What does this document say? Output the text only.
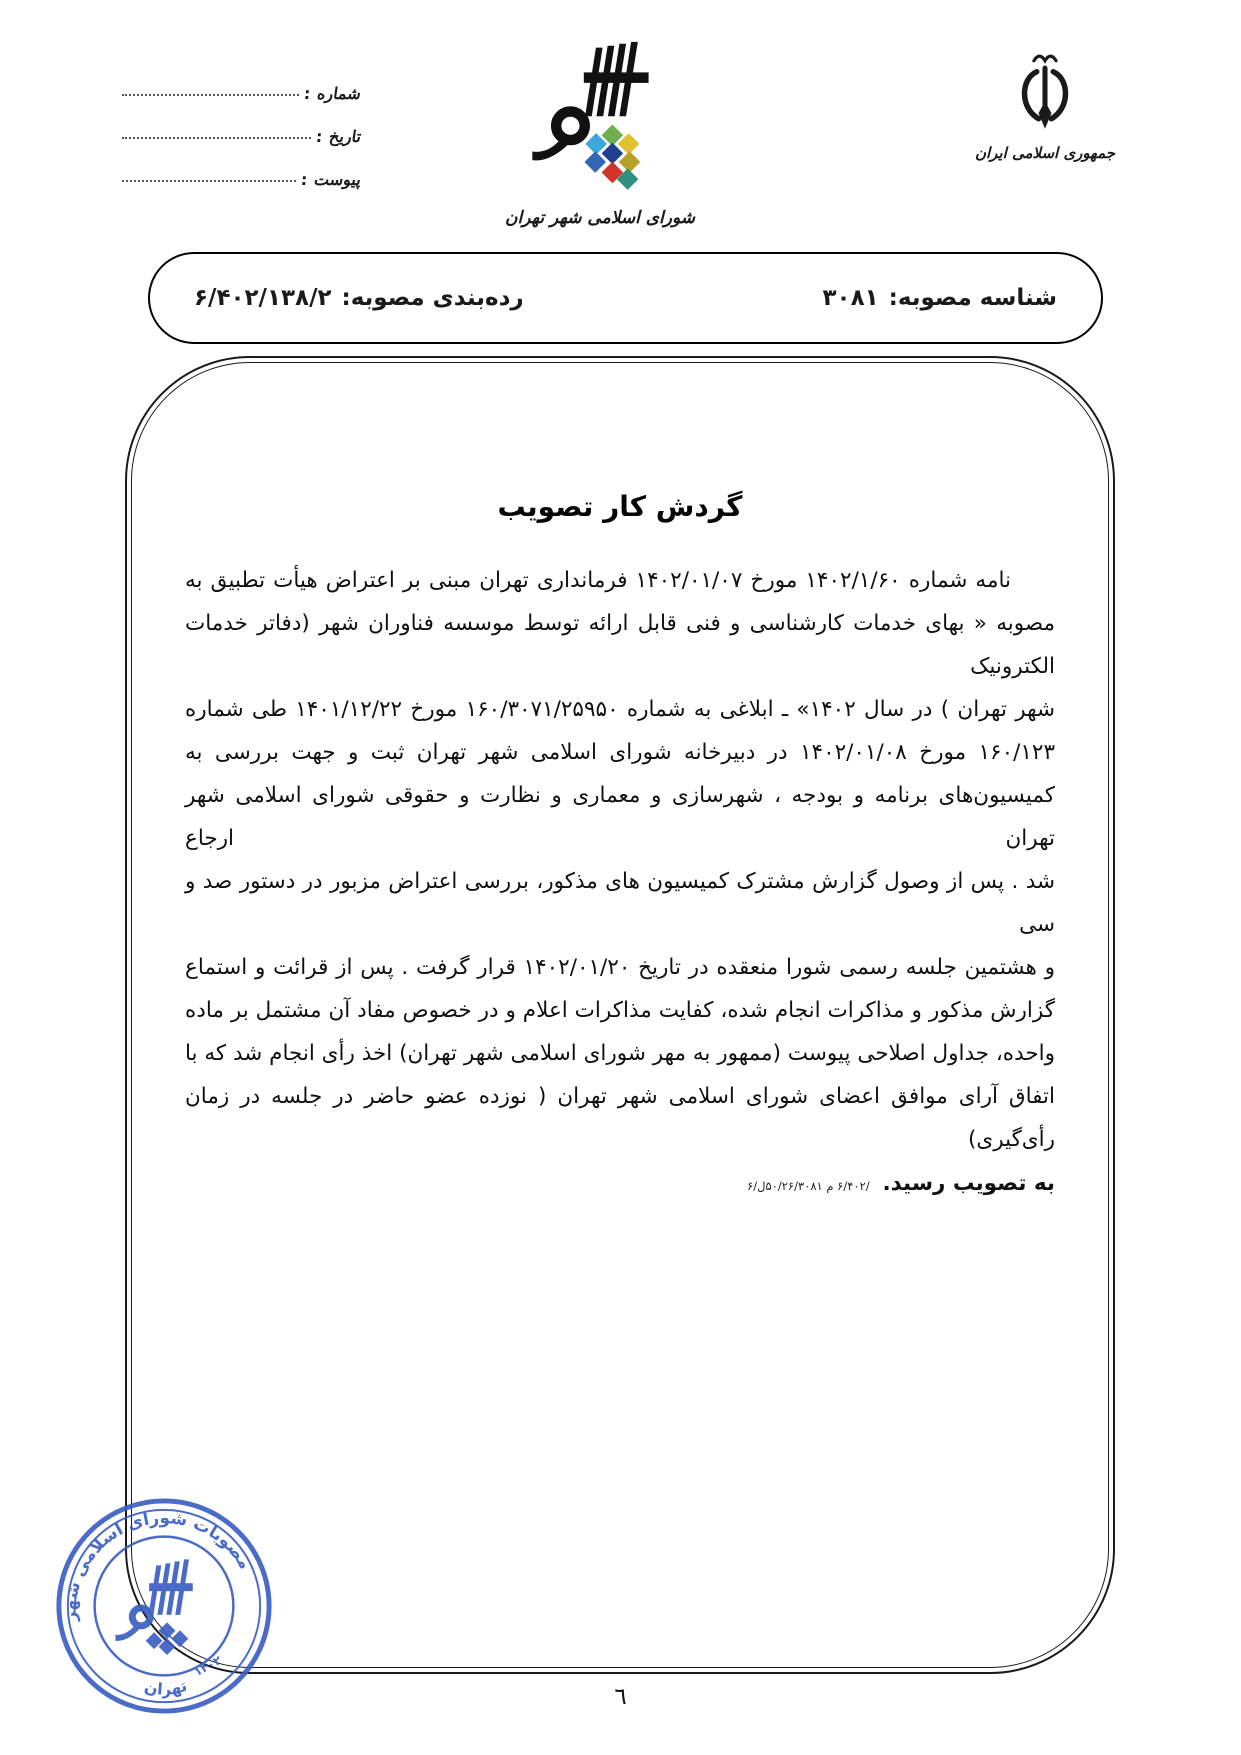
شماره :
تاریخ :
پیوست :
شورای اسلامی شهر تهران
جمهوری اسلامی ایران
شناسه مصوبه:
۳۰۸۱
رده‌بندی مصوبه:
۶/۴۰۲/۱۳۸/۲
گردش کار تصویب
نامه شماره ۱۴۰۲/۱/۶۰ مورخ ۱۴۰۲/۰۱/۰۷ فرمانداری تهران مبنی بر اعتراض هیأت تطبیق به
مصوبه « بهای خدمات کارشناسی و فنی قابل ارائه توسط موسسه فناوران شهر (دفاتر خدمات الکترونیک
شهر تهران ) در سال ۱۴۰۲» ـ ابلاغی به شماره ۱۶۰/۳۰۷۱/۲۵۹۵۰ مورخ ۱۴۰۱/۱۲/۲۲ طی شماره
۱۶۰/۱۲۳ مورخ ۱۴۰۲/۰۱/۰۸ در دبیرخانه شورای اسلامی شهر تهران ثبت و جهت بررسی به
کمیسیون‌های برنامه و بودجه ، شهرسازی و معماری و نظارت و حقوقی شورای اسلامی شهر تهران ارجاع
شد . پس از وصول گزارش مشترک کمیسیون های مذکور، بررسی اعتراض مزبور در دستور صد و سی
و هشتمین جلسه رسمی شورا منعقده در تاریخ ۱۴۰۲/۰۱/۲۰ قرار گرفت . پس از قرائت و استماع
گزارش مذکور و مذاکرات انجام شده، کفایت مذاکرات اعلام و در خصوص مفاد آن مشتمل بر ماده
واحده، جداول اصلاحی پیوست (ممهور به مهر شورای اسلامی شهر تهران) اخذ رأی انجام شد که با
اتفاق آرای موافق اعضای شورای اسلامی شهر تهران ( نوزده عضو حاضر در جلسه در زمان رأی‌گیری)
به تصویب رسید. /۶/۴۰۲ م ۵۰/۲۶/۳۰۸۱ل/۶
مصوبات شورای اسلامی شهر
تهران
۱۴۰۲
٦
